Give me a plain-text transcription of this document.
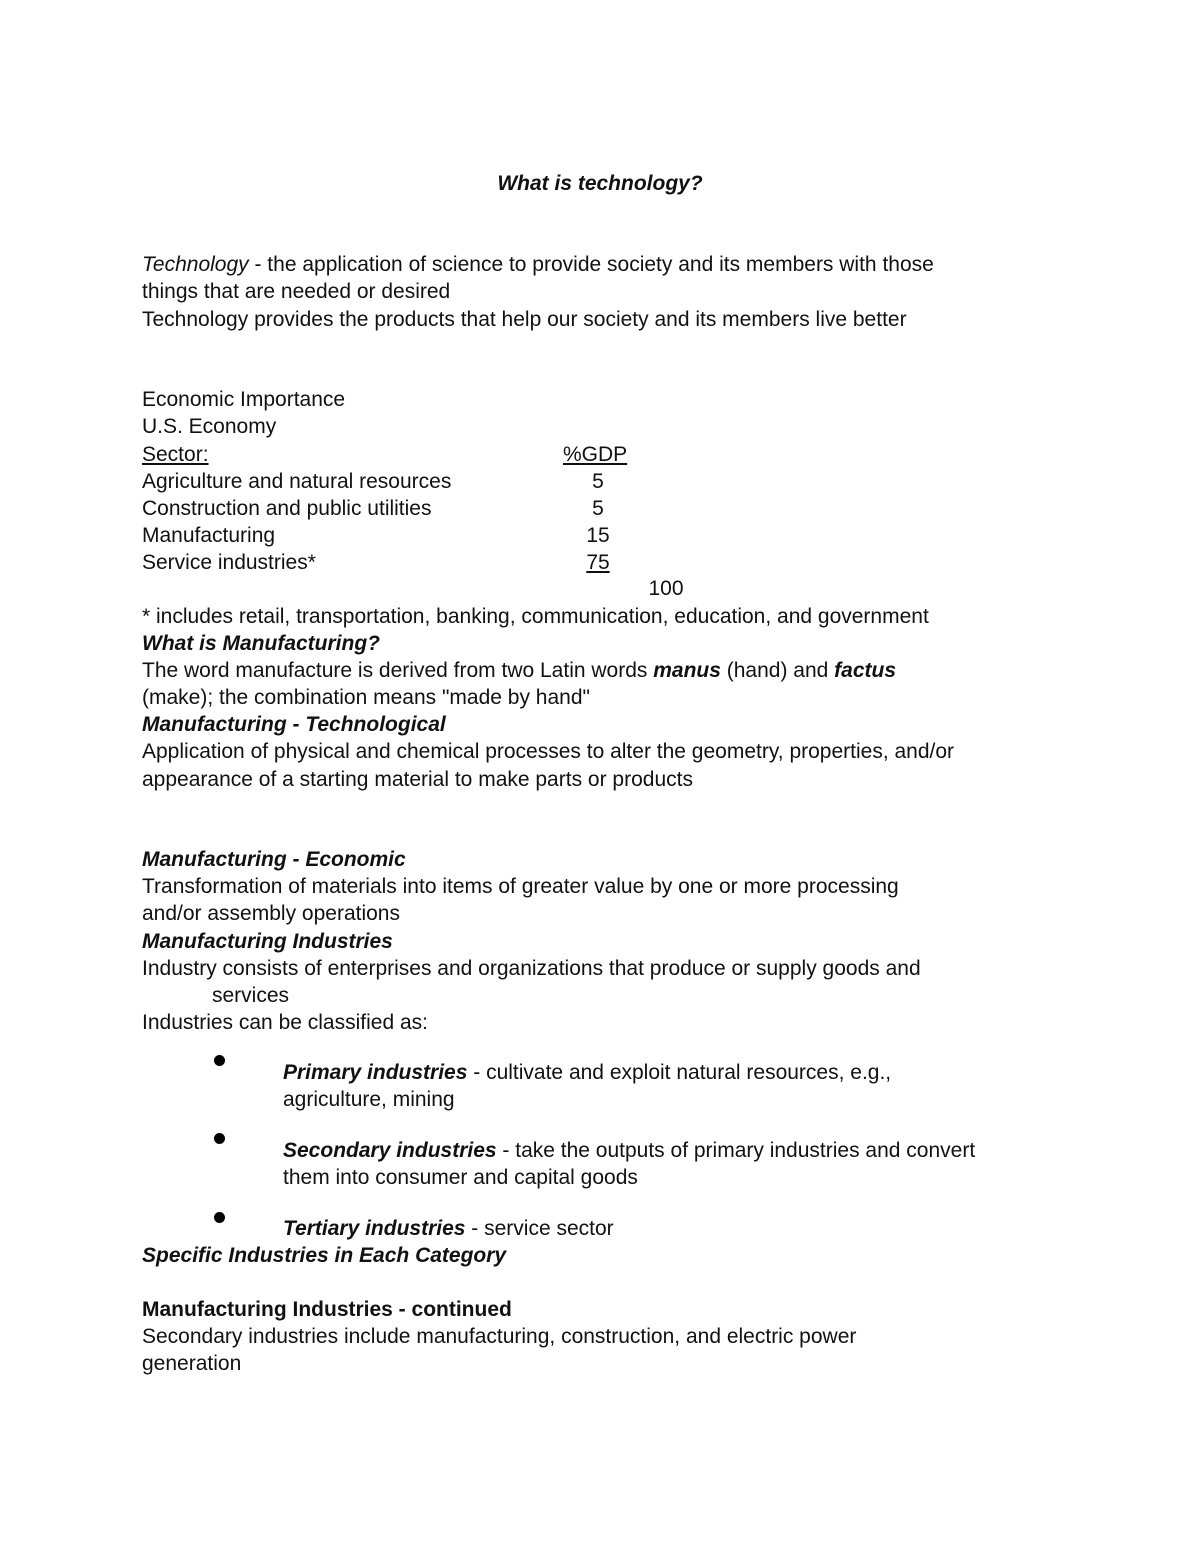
What is technology?
Technology - the application of science to provide society and its members with those
things that are needed or desired
Technology provides the products that help our society and its members live better
Economic Importance
U.S. Economy
Sector:	%GDP
Agriculture and natural resources	5
Construction and public utilities	5
Manufacturing	15
Service industries*	75
100
* includes retail, transportation, banking, communication, education, and government
What is Manufacturing?
The word manufacture is derived from two Latin words manus (hand) and factus
(make); the combination means "made by hand"
Manufacturing - Technological
Application of physical and chemical processes to alter the geometry, properties, and/or
appearance of a starting material to make parts or products
Manufacturing - Economic
Transformation of materials into items of greater value by one or more processing
and/or assembly operations
Manufacturing Industries
Industry consists of enterprises and organizations that produce or supply goods and
services
Industries can be classified as:
Primary industries - cultivate and exploit natural resources, e.g.,
agriculture, mining
Secondary industries - take the outputs of primary industries and convert
them into consumer and capital goods
Tertiary industries - service sector
Specific Industries in Each Category
Manufacturing Industries - continued
Secondary industries include manufacturing, construction, and electric power
generation
